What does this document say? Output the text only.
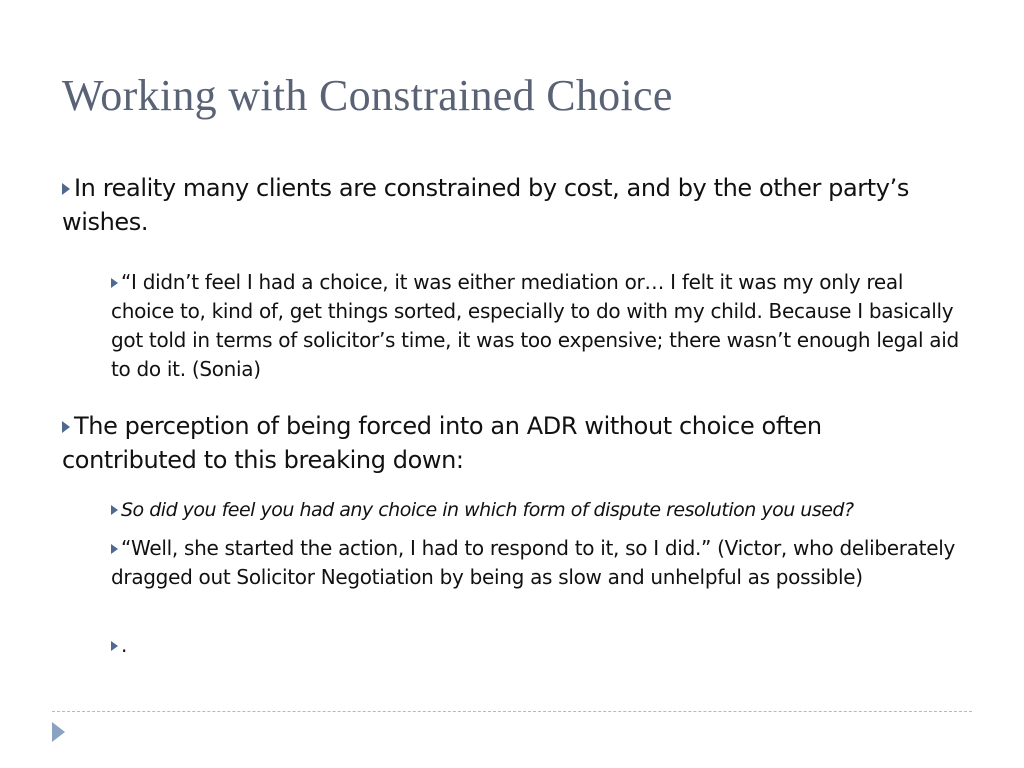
Working with Constrained Choice

In reality many clients are constrained by cost, and by the other party’s wishes.

“I didn’t feel I had a choice, it was either mediation or… I felt it was my only real choice to, kind of, get things sorted, especially to do with my child. Because I basically got told in terms of solicitor’s time, it was too expensive; there wasn’t enough legal aid to do it. (Sonia)

The perception of being forced into an ADR without choice often contributed to this breaking down:

So did you feel you had any choice in which form of dispute resolution you used?

“Well, she started the action, I had to respond to it, so I did.” (Victor, who deliberately dragged out Solicitor Negotiation by being as slow and unhelpful as possible)

.
